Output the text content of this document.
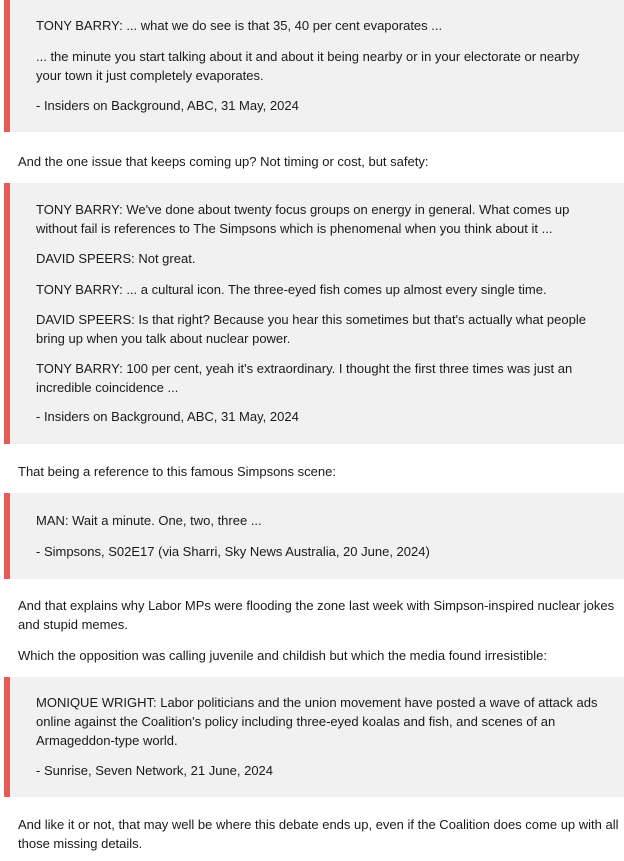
TONY BARRY: ... what we do see is that 35, 40 per cent evaporates ...

... the minute you start talking about it and about it being nearby or in your electorate or nearby your town it just completely evaporates.

- Insiders on Background, ABC, 31 May, 2024

And the one issue that keeps coming up? Not timing or cost, but safety:

TONY BARRY: We've done about twenty focus groups on energy in general. What comes up without fail is references to The Simpsons which is phenomenal when you think about it ...

DAVID SPEERS: Not great.

TONY BARRY: ... a cultural icon. The three-eyed fish comes up almost every single time.

DAVID SPEERS: Is that right? Because you hear this sometimes but that's actually what people bring up when you talk about nuclear power.

TONY BARRY: 100 per cent, yeah it's extraordinary. I thought the first three times was just an incredible coincidence ...

- Insiders on Background, ABC, 31 May, 2024

That being a reference to this famous Simpsons scene:

MAN: Wait a minute. One, two, three ...

- Simpsons, S02E17 (via Sharri, Sky News Australia, 20 June, 2024)

And that explains why Labor MPs were flooding the zone last week with Simpson-inspired nuclear jokes and stupid memes.

Which the opposition was calling juvenile and childish but which the media found irresistible:

MONIQUE WRIGHT: Labor politicians and the union movement have posted a wave of attack ads online against the Coalition's policy including three-eyed koalas and fish, and scenes of an Armageddon-type world.

- Sunrise, Seven Network, 21 June, 2024

And like it or not, that may well be where this debate ends up, even if the Coalition does come up with all those missing details.
